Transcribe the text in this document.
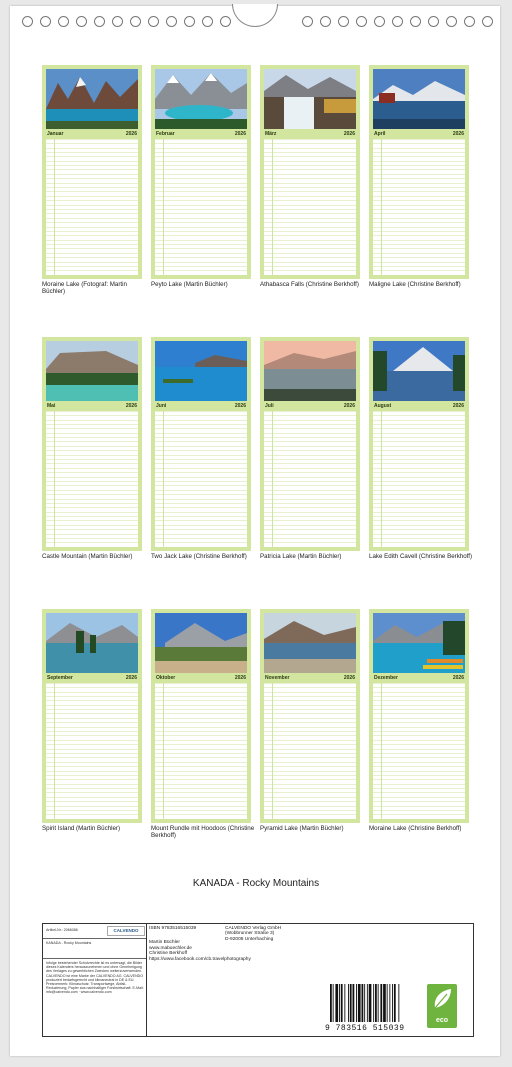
Januar	2026
Moraine Lake (Fotograf: Martin Büchler)
Februar	2026
Peyto Lake (Martin Büchler)
März	2026
Athabasca Falls (Christine Berkhoff)
April	2026
Maligne Lake (Christine Berkhoff)
Mai	2026
Castle Mountain (Martin Büchler)
Juni	2026
Two Jack Lake (Christine Berkhoff)
Juli	2026
Patricia Lake (Martin Büchler)
August	2026
Lake Edith Cavell (Christine Berkhoff)
September	2026
Spirit Island (Martin Büchler)
Oktober	2026
Mount Rundle mit Hoodoos (Christine Berkhoff)
November	2026
Pyramid Lake (Martin Büchler)
Dezember	2026
Moraine Lake (Christine Berkhoff)
KANADA - Rocky Mountains
Artikel-Nr.: 2066086	CALVENDO
KANADA - Rocky Mountains
Infolge bestehender Schutzrechte ist es untersagt, die Bilder dieses Kalenders herauszunehmen und ohne Genehmigung des Verlages zu gewerblichen Zwecken weiterzuverwenden. CALVENDO ist eine Marke der CALVENDO AG. CALVENDO produziert bedarfsgerecht und klimaneutral in DE & EU. Preisvermerk: Klimaschutz: Transportwege, Abfall-Reduzierung, Papier aus nachhaltiger Forstwirtschaft. E-Mail: info@calvendo.com · www.calvendo.com
ISBN 9783516515039
Martin Büchler
www.mabuechler.de
Christine Berkhoff
https://www.facebook.com/cb.travelphotography
CALVENDO Verlag GmbH
(Wobbrunner Straße 3)
D-92008 Unterhaching
9 783516 515039
eco
